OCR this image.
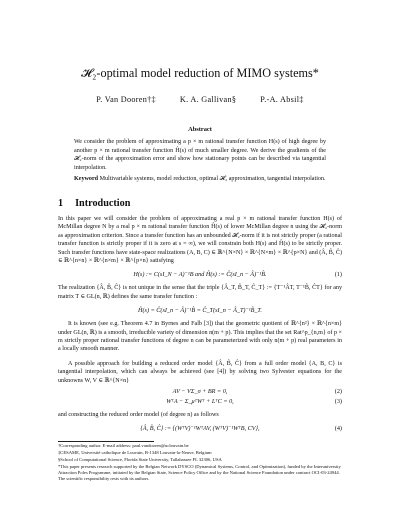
𝓗₂-optimal model reduction of MIMO systems*
P. Van Dooren†‡	K. A. Gallivan§	P.-A. Absil‡
Abstract

We consider the problem of approximating a p × m rational transfer function H(s) of high degree by another p × m rational transfer function Ĥ(s) of much smaller degree. We derive the gradients of the 𝓗₂-norm of the approximation error and show how stationary points can be described via tangential interpolation.

Keyword Multivariable systems, model reduction, optimal 𝓗₂ approximation, tangential interpolation.

1 Introduction

In this paper we will consider the problem of approximating a real p × m rational transfer function H(s) of McMillan degree N by a real p × m rational transfer function Ĥ(s) of lower McMillan degree n using the 𝓗₂-norm as approximation criterion. Since a transfer function has an unbounded 𝓗₂-norm if it is not strictly proper (a rational transfer function is strictly proper if it is zero at s = ∞), we will constrain both H(s) and Ĥ(s) to be strictly proper. Such transfer functions have state-space realizations (A, B, C) ∈ ℝ^{N×N} × ℝ^{N×m} × ℝ^{p×N} and (Â, B̂, Ĉ) ∈ ℝ^{n×n} × ℝ^{n×m} × ℝ^{p×n} satisfying

H(s) := C(sI_N − A)⁻¹B and Ĥ(s) := Ĉ(sI_n − Â)⁻¹B̂.	(1)

The realization {Â, B̂, Ĉ} is not unique in the sense that the triple {Â_T, B̂_T, Ĉ_T} := {T⁻¹ÂT, T⁻¹B̂, ĈT} for any matrix T ∈ GL(n, ℝ) defines the same transfer function :

Ĥ(s) = Ĉ(sI_n − Â)⁻¹B̂ = Ĉ_T(sI_n − Â_T)⁻¹B̂_T.

It is known (see e.g. Theorem 4.7 in Byrnes and Falb [3]) that the geometric quotient of ℝ^{n²} × ℝ^{n×m} under GL(n, ℝ) is a smooth, irreducible variety of dimension n(m + p). This implies that the set Rat^p_{n,m} of p × m strictly proper rational transfer functions of degree n can be parameterized with only n(m + p) real parameters in a locally smooth manner.

A possible approach for building a reduced order model {Â, B̂, Ĉ} from a full order model {A, B, C} is tangential interpolation, which can always be achieved (see [4]) by solving two Sylvester equations for the unknowns W, V ∈ ℝ^{N×n}

AV − VΣ_σ + BR = 0,	(2)
WᵀA − Σ_μᵀWᵀ + LᵀC = 0,	(3)

and constructing the reduced order model (of degree n) as follows

{Â, B̂, Ĉ} := {(WᵀV)⁻¹WᵀAV, (WᵀV)⁻¹WᵀB, CV},	(4)

†Corresponding author. E-mail address: paul.vandooren@uclouvain.be

‡CESAME, Université catholique de Louvain, B-1348 Louvain-la-Neuve, Belgium

§School of Computational Science, Florida State University, Tallahassee FL 32306, USA

*This paper presents research supported by the Belgian Network DYSCO (Dynamical Systems, Control, and Optimization), funded by the Interuniversity Attraction Poles Programme, initiated by the Belgian State, Science Policy Office and by the National Science Foundation under contract OCI-03-24944. The scientific responsibility rests with its authors.
